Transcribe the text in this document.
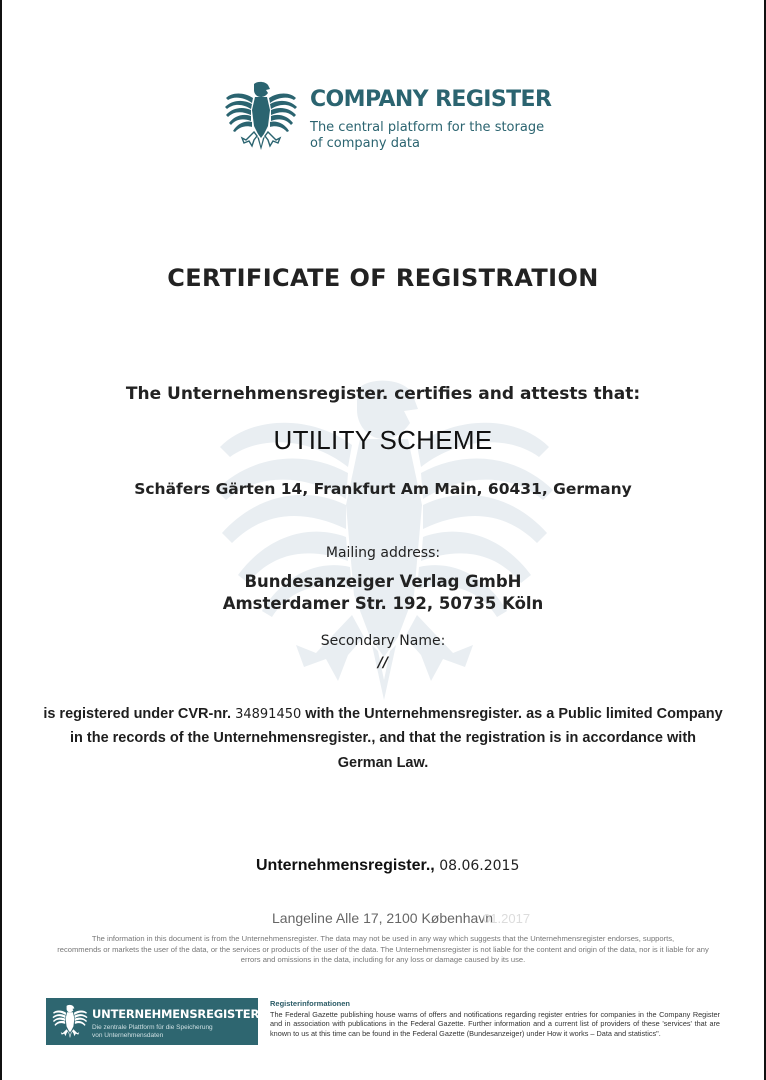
COMPANY REGISTER
The central platform for the storage
of company data
CERTIFICATE OF REGISTRATION
The Unternehmensregister. certifies and attests that:
UTILITY SCHEME
Schäfers Gärten 14, Frankfurt Am Main, 60431, Germany
Mailing address:
Bundesanzeiger Verlag GmbH
Amsterdamer Str. 192, 50735 Köln
Secondary Name:
//
is registered under CVR-nr. 34891450 with the Unternehmensregister. as a Public limited Company
in the records of the Unternehmensregister., and that the registration is in accordance with
German Law.
Unternehmensregister., 08.06.2015
Langeline Alle 17, 2100 København01.2017
The information in this document is from the Unternehmensregister. The data may not be used in any way which suggests that the Unternehmensregister endorses, supports,
recommends or markets the user of the data, or the services or products of the user of the data. The Unternehmensregister is not liable for the content and origin of the data, nor is it liable for any
errors and omissions in the data, including for any loss or damage caused by its use.
UNTERNEHMENSREGISTER
Die zentrale Plattform für die Speicherung
von Unternehmensdaten
Registerinformationen
The Federal Gazette publishing house warns of offers and notifications regarding register entries for companies in the Company Register and in association with publications in the Federal Gazette. Further information and a current list of providers of these 'services' that are known to us at this time can be found in the Federal Gazette (Bundesanzeiger) under How it works – Data and statistics".
